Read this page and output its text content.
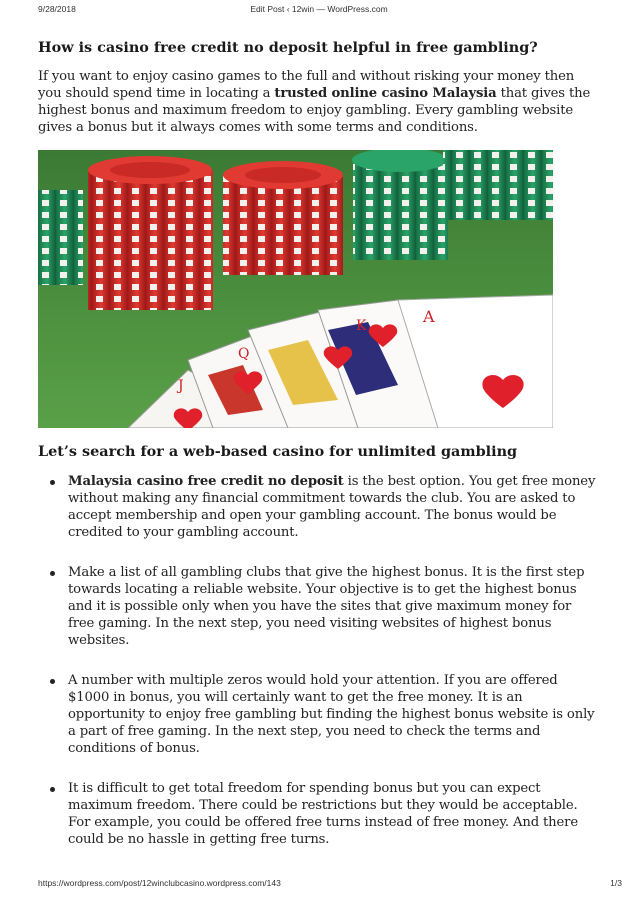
9/28/2018	Edit Post ‹ 12win — WordPress.com
How is casino free credit no deposit helpful in free gambling?

If you want to enjoy casino games to the full and without risking your money then you should spend time in locating a trusted online casino Malaysia that gives the highest bonus and maximum freedom to enjoy gambling. Every gambling website gives a bonus but it always comes with some terms and conditions.

A
K
Q
J
Let’s search for a web-based casino for unlimited gambling
Malaysia casino free credit no deposit is the best option. You get free money without making any financial commitment towards the club. You are asked to accept membership and open your gambling account. The bonus would be credited to your gambling account.
Make a list of all gambling clubs that give the highest bonus. It is the first step towards locating a reliable website. Your objective is to get the highest bonus and it is possible only when you have the sites that give maximum money for free gaming. In the next step, you need visiting websites of highest bonus websites.
A number with multiple zeros would hold your attention. If you are offered $1000 in bonus, you will certainly want to get the free money. It is an opportunity to enjoy free gambling but finding the highest bonus website is only a part of free gaming. In the next step, you need to check the terms and conditions of bonus.
It is difficult to get total freedom for spending bonus but you can expect maximum freedom. There could be restrictions but they would be acceptable. For example, you could be offered free turns instead of free money. And there could be no hassle in getting free turns.
https://wordpress.com/post/12winclubcasino.wordpress.com/143	1/3
